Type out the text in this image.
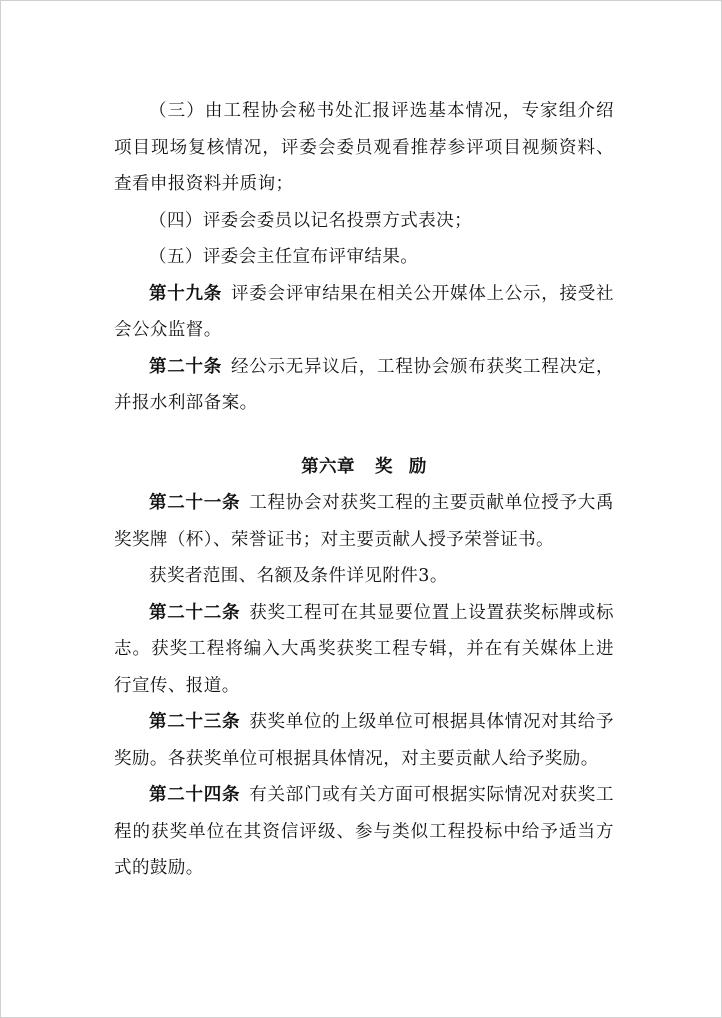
（三）由工程协会秘书处汇报评选基本情况，专家组介绍项目现场复核情况，评委会委员观看推荐参评项目视频资料、查看申报资料并质询；

（四）评委会委员以记名投票方式表决；

（五）评委会主任宣布评审结果。

第十九条 评委会评审结果在相关公开媒体上公示，接受社会公众监督。

第二十条 经公示无异议后，工程协会颁布获奖工程决定，并报水利部备案。

第六章 奖 励

第二十一条 工程协会对获奖工程的主要贡献单位授予大禹奖奖牌（杯）、荣誉证书；对主要贡献人授予荣誉证书。

获奖者范围、名额及条件详见附件3。

第二十二条 获奖工程可在其显要位置上设置获奖标牌或标志。获奖工程将编入大禹奖获奖工程专辑，并在有关媒体上进行宣传、报道。

第二十三条 获奖单位的上级单位可根据具体情况对其给予奖励。各获奖单位可根据具体情况，对主要贡献人给予奖励。

第二十四条 有关部门或有关方面可根据实际情况对获奖工程的获奖单位在其资信评级、参与类似工程投标中给予适当方式的鼓励。
